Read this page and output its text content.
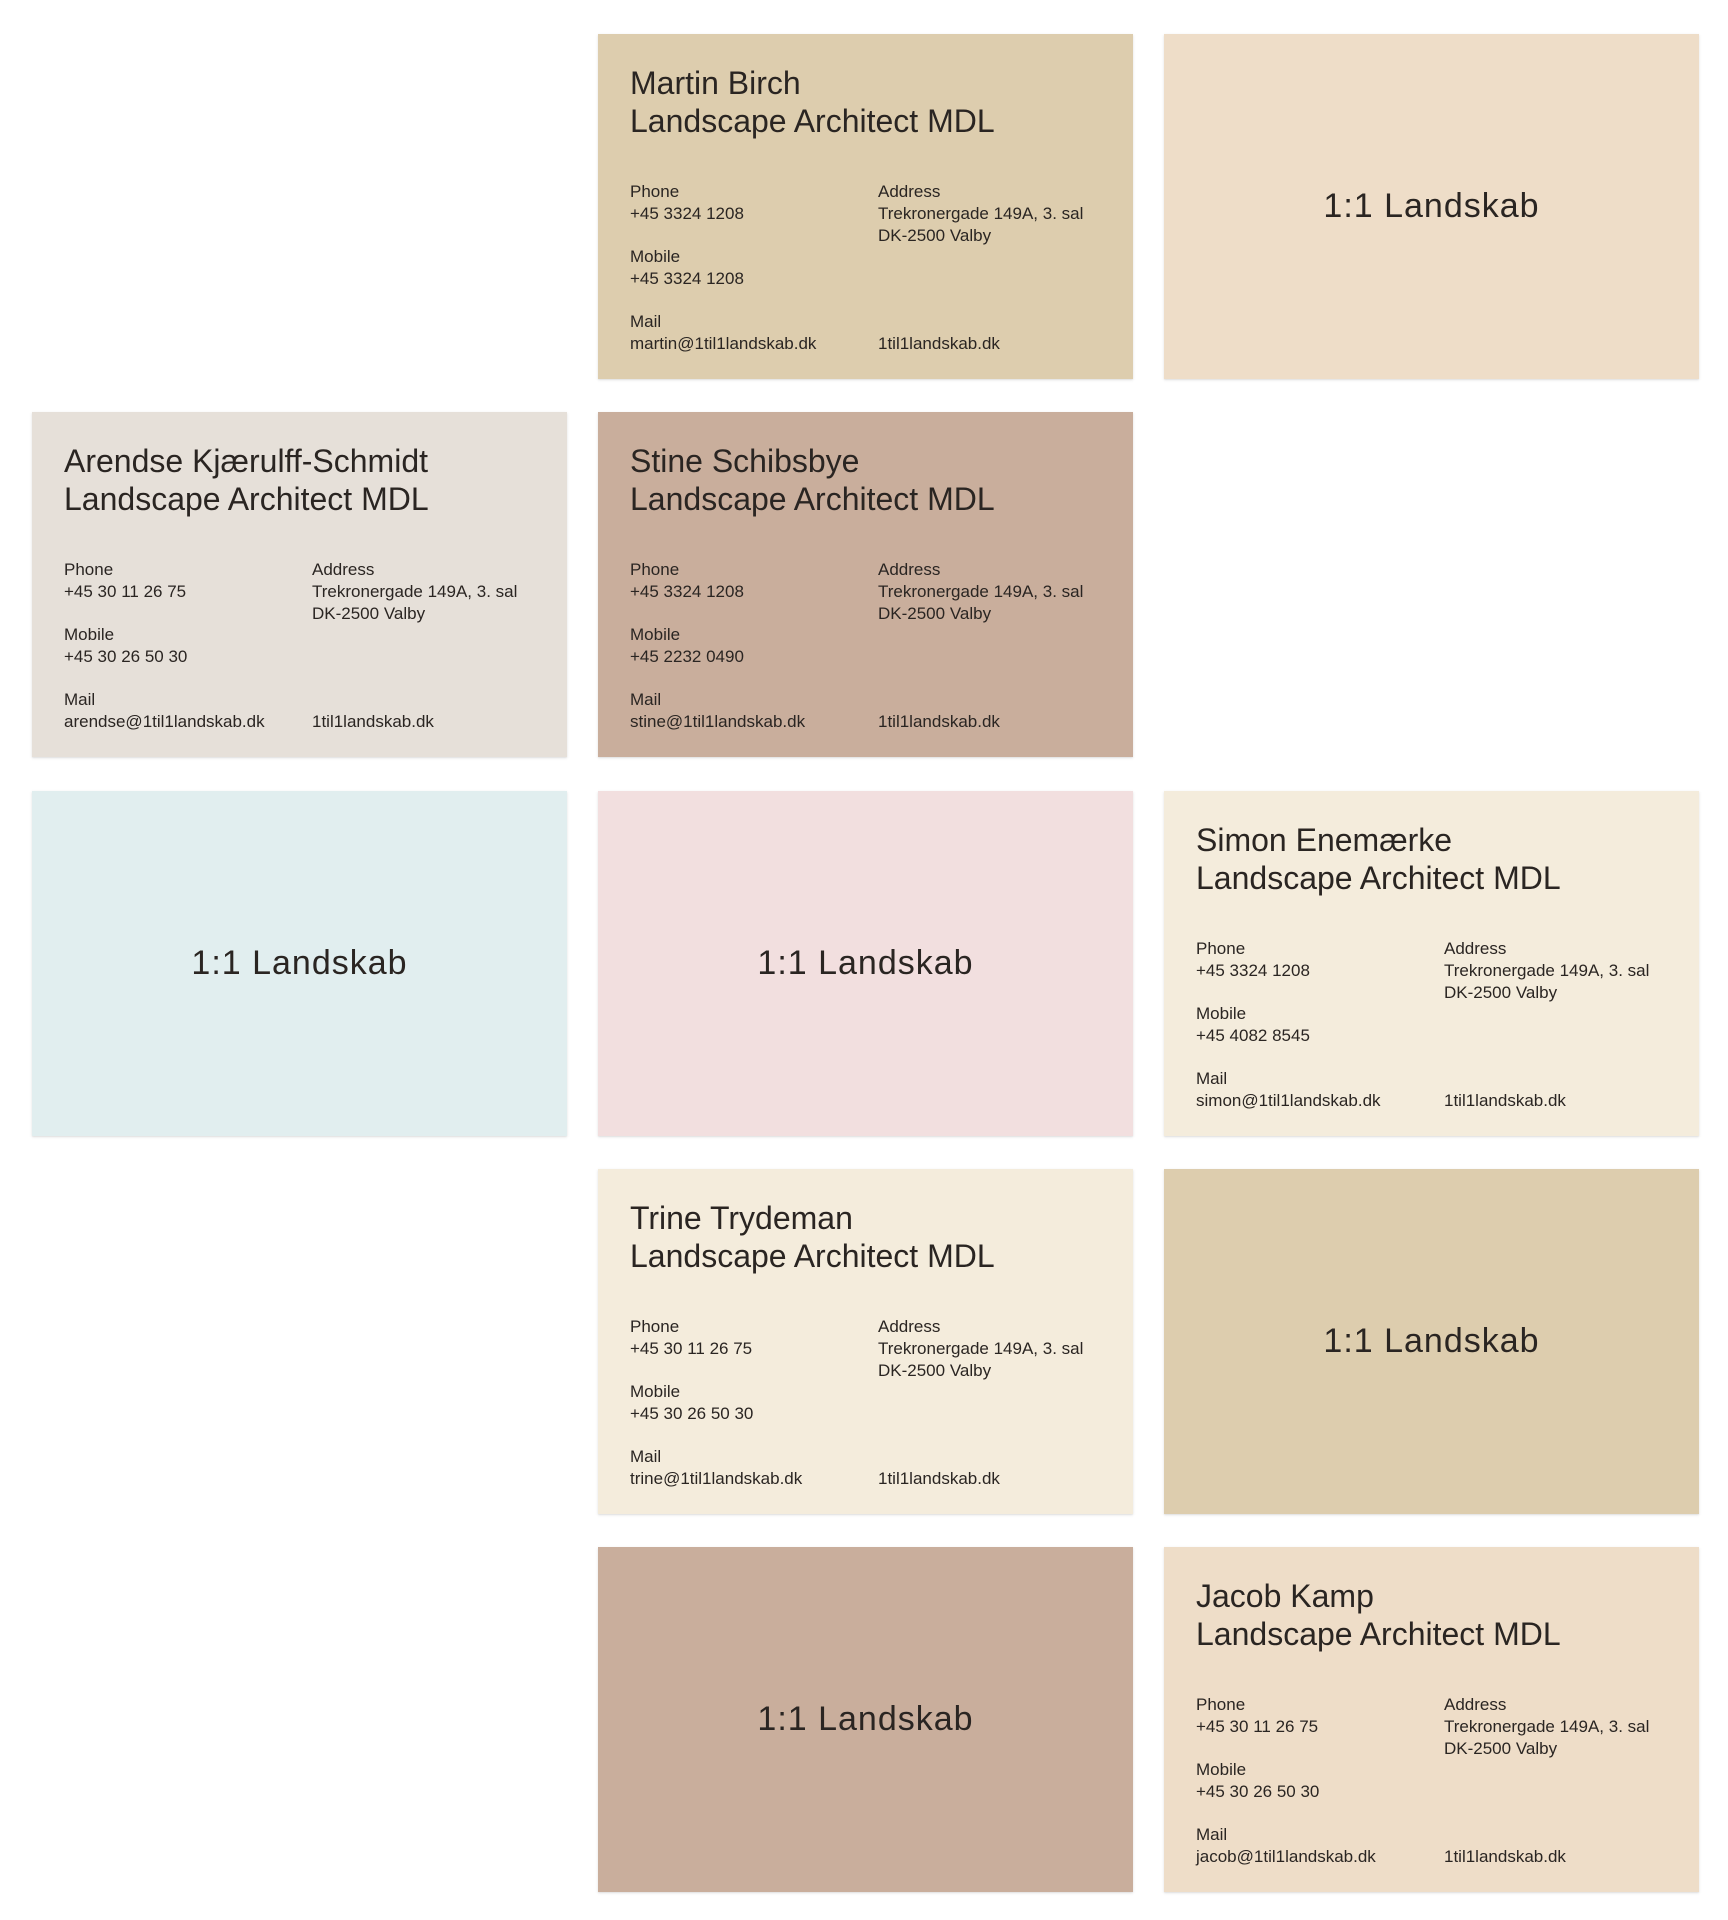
Martin Birch
Landscape Architect MDL
Phone
+45 3324 1208
Mobile
+45 3324 1208
Mail
martin@1til1landskab.dk
Address
Trekronergade 149A, 3. sal
DK-2500 Valby
1til1landskab.dk
1:1 Landskab
Arendse Kjærulff-Schmidt
Landscape Architect MDL
Phone
+45 30 11 26 75
Mobile
+45 30 26 50 30
Mail
arendse@1til1landskab.dk
Address
Trekronergade 149A, 3. sal
DK-2500 Valby
1til1landskab.dk
Stine Schibsbye
Landscape Architect MDL
Phone
+45 3324 1208
Mobile
+45 2232 0490
Mail
stine@1til1landskab.dk
Address
Trekronergade 149A, 3. sal
DK-2500 Valby
1til1landskab.dk
1:1 Landskab	1:1 Landskab
Simon Enemærke
Landscape Architect MDL
Phone
+45 3324 1208
Mobile
+45 4082 8545
Mail
simon@1til1landskab.dk
Address
Trekronergade 149A, 3. sal
DK-2500 Valby
1til1landskab.dk
Trine Trydeman
Landscape Architect MDL
Phone
+45 30 11 26 75
Mobile
+45 30 26 50 30
Mail
trine@1til1landskab.dk
Address
Trekronergade 149A, 3. sal
DK-2500 Valby
1til1landskab.dk
1:1 Landskab
1:1 Landskab
Jacob Kamp
Landscape Architect MDL
Phone
+45 30 11 26 75
Mobile
+45 30 26 50 30
Mail
jacob@1til1landskab.dk
Address
Trekronergade 149A, 3. sal
DK-2500 Valby
1til1landskab.dk
